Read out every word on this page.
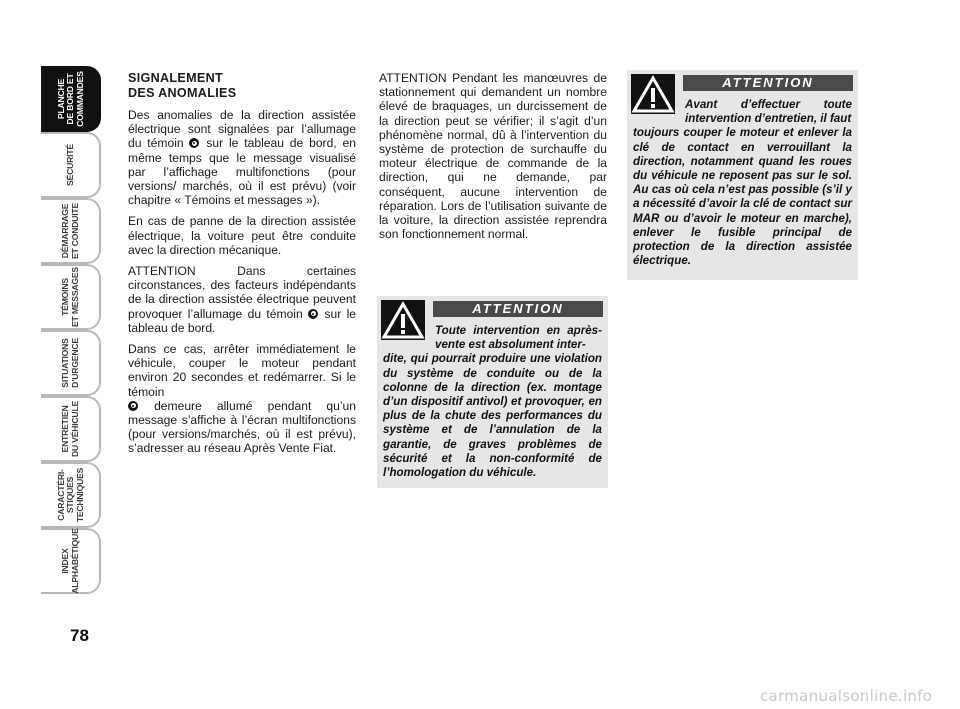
PLANCHE
DE BORD ET
COMMANDES
SÉCURITÉ
DÉMARRAGE
ET CONDUITE
TÉMOINS
ET MESSAGES
SITUATIONS
D’URGENCE
ENTRETIEN
DU VÉHICULE
CARACTÉRI-
STIQUES
TECHNIQUES
INDEX
ALPHABÉTIQUE
78
SIGNALEMENT
DES ANOMALIES

Des anomalies de la direction assistée électrique sont signalées par l’allumage du témoin  sur le tableau de bord, en même temps que le message visualisé par l’affichage multifonctions (pour versions/ marchés, où il est prévu) (voir chapitre « Témoins et messages »).

En cas de panne de la direction assistée électrique, la voiture peut être conduite avec la direction mécanique.

ATTENTION Dans certaines circonstances, des facteurs indépendants de la direction assistée électrique peuvent provoquer l’allumage du témoin  sur le tableau de bord.

Dans ce cas, arrêter immédiatement le véhicule, couper le moteur pendant environ 20 secondes et redémarrer. Si le témoin
demeure allumé pendant qu’un message s’affiche à l’écran multifonctions (pour versions/marchés, où il est prévu), s’adresser au réseau Après Vente Fiat.

ATTENTION Pendant les manœuvres de stationnement qui demandent un nombre élevé de braquages, un durcissement de la direction peut se vérifier; il s’agit d’un phénomène normal, dû à l’intervention du système de protection de surchauffe du moteur électrique de commande de la direction, qui ne demande, par conséquent, aucune intervention de réparation. Lors de l’utilisation suivante de la voiture, la direction assistée reprendra son fonctionnement normal.

ATTENTION
Toute intervention en après-vente est absolument inter-
dite, qui pourrait produire une violation du système de conduite ou de la colonne de la direction (ex. montage d’un dispositif antivol) et provoquer, en plus de la chute des performances du système et de l’annulation de la garantie, de graves problèmes de sécurité et la non-conformité de l’homologation du véhicule.
ATTENTION
Avant d’effectuer toute intervention d’entretien, il faut
toujours couper le moteur et enlever la clé de contact en verrouillant la direction, notamment quand les roues du véhicule ne reposent pas sur le sol. Au cas où cela n’est pas possible (s’il y a nécessité d’avoir la clé de contact sur MAR ou d’avoir le moteur en marche), enlever le fusible principal de protection de la direction assistée électrique.
carmanualsonline.info
